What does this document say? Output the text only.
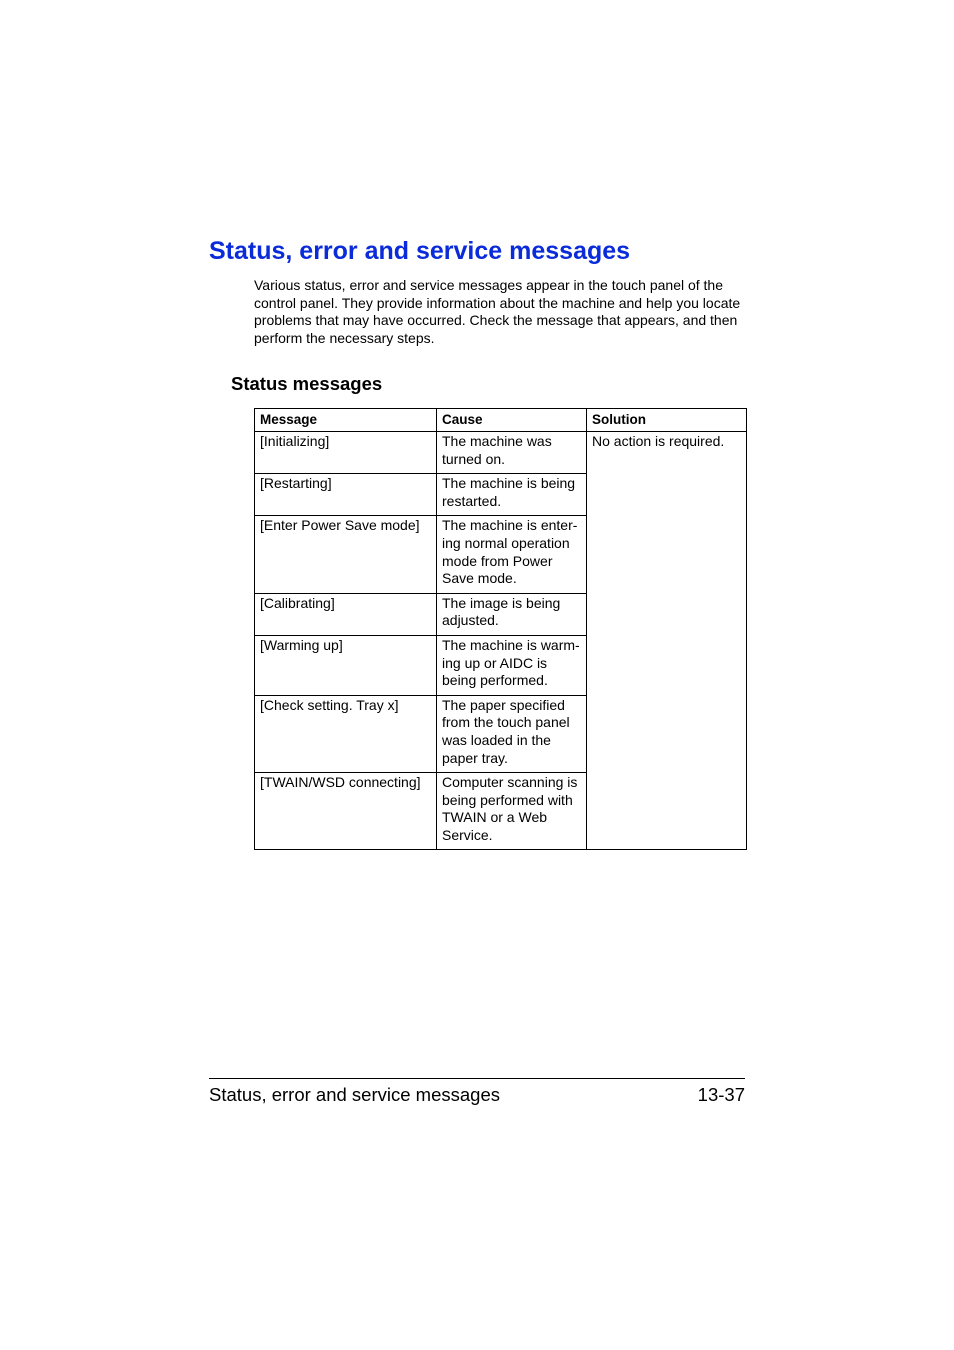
Status, error and service messages

Various status, error and service messages appear in the touch panel of the control panel. They provide information about the machine and help you locate problems that may have occurred. Check the message that appears, and then perform the necessary steps.

Status messages
Message	Cause	Solution
[Initializing]	The machine was turned on.	No action is required.
[Restarting]	The machine is being restarted.	
[Enter Power Save mode]	The machine is enter-ing normal operation mode from Power Save mode.	
[Calibrating]	The image is being adjusted.	
[Warming up]	The machine is warm-ing up or AIDC is being performed.	
[Check setting. Tray x]	The paper specified from the touch panel was loaded in the paper tray.	
[TWAIN/WSD connecting]	Computer scanning is being performed with TWAIN or a Web Service.	
Status, error and service messages	13-37
